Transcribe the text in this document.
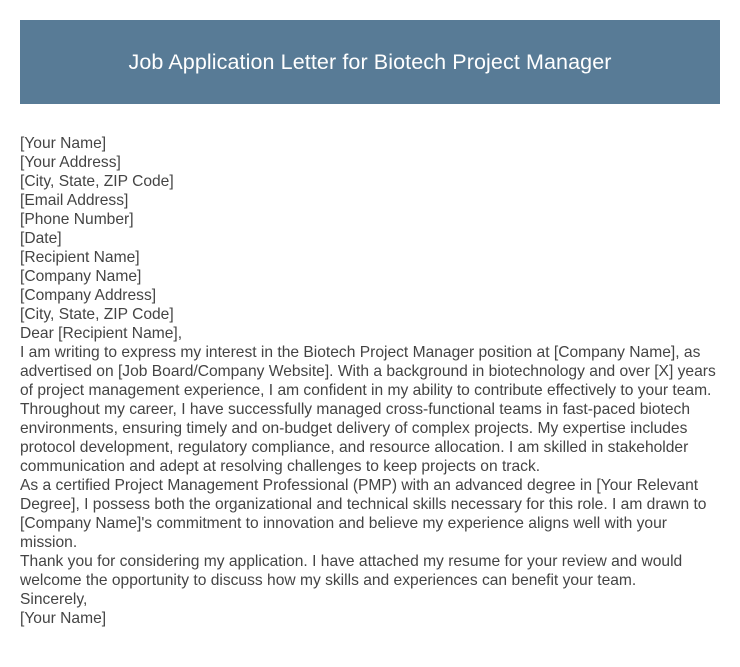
Job Application Letter for Biotech Project Manager
[Your Name]
[Your Address]
[City, State, ZIP Code]
[Email Address]
[Phone Number]
[Date]
[Recipient Name]
[Company Name]
[Company Address]
[City, State, ZIP Code]
Dear [Recipient Name],

I am writing to express my interest in the Biotech Project Manager position at [Company Name], as advertised on [Job Board/Company Website]. With a background in biotechnology and over [X] years of project management experience, I am confident in my ability to contribute effectively to your team.

Throughout my career, I have successfully managed cross-functional teams in fast-paced biotech environments, ensuring timely and on-budget delivery of complex projects. My expertise includes protocol development, regulatory compliance, and resource allocation. I am skilled in stakeholder communication and adept at resolving challenges to keep projects on track.

As a certified Project Management Professional (PMP) with an advanced degree in [Your Relevant Degree], I possess both the organizational and technical skills necessary for this role. I am drawn to [Company Name]'s commitment to innovation and believe my experience aligns well with your mission.

Thank you for considering my application. I have attached my resume for your review and would welcome the opportunity to discuss how my skills and experiences can benefit your team.

Sincerely,
[Your Name]
